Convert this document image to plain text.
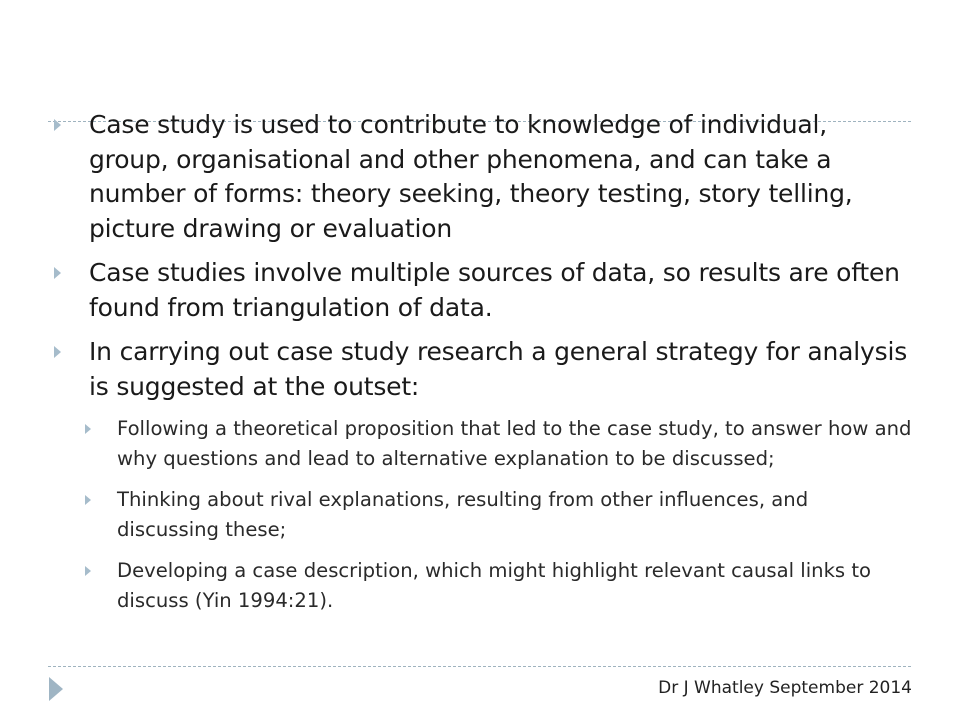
Case study is used to contribute to knowledge of individual, group, organisational and other phenomena, and can take a number of forms: theory seeking, theory testing, story telling, picture drawing or evaluation
Case studies involve multiple sources of data, so results are often found from triangulation of data.
In carrying out case study research a general strategy for analysis is suggested at the outset:
Following a theoretical proposition that led to the case study, to answer how and why questions and lead to alternative explanation to be discussed;
Thinking about rival explanations, resulting from other influences, and discussing these;
Developing a case description, which might highlight relevant causal links to discuss (Yin 1994:21).
Dr J Whatley September 2014
